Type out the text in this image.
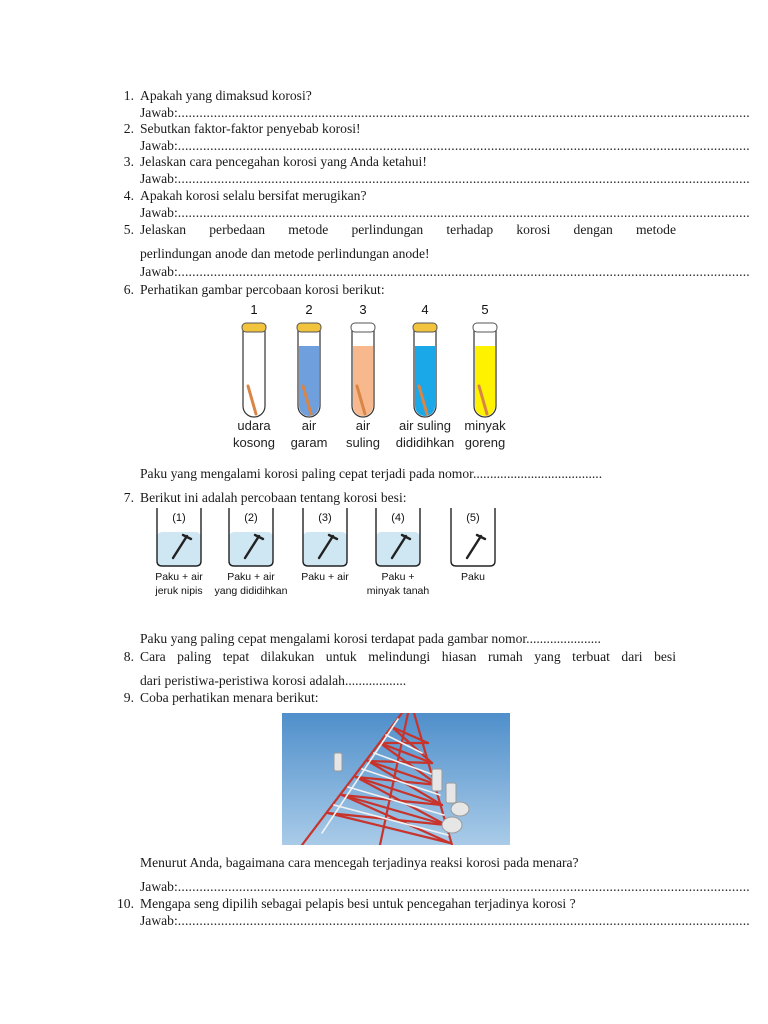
1. Apakah yang dimaksud korosi?
Jawab:...............................................................................................................................................................
2. Sebutkan faktor-faktor penyebab korosi!
Jawab:...............................................................................................................................................................
3. Jelaskan cara pencegahan korosi yang Anda ketahui!
Jawab:...............................................................................................................................................................
4. Apakah korosi selalu bersifat merugikan?
Jawab:...............................................................................................................................................................
5. Jelaskan perbedaan metode perlindungan terhadap korosi dengan metode
perlindungan anode dan metode perlindungan anode!
Jawab:...............................................................................................................................................................
6. Perhatikan gambar percobaan korosi berikut:
1
udara
kosong
2
air
garam
3
air
suling
4
air suling
dididihkan
5
minyak
goreng
Paku yang mengalami korosi paling cepat terjadi pada nomor......................................
7. Berikut ini adalah percobaan tentang korosi besi:
(1)
Paku + air
jeruk nipis
(2)
Paku + air
yang dididihkan
(3)
Paku + air
(4)
Paku +
minyak tanah
(5)
Paku
Paku yang paling cepat mengalami korosi terdapat pada gambar nomor......................
8. Cara paling tepat dilakukan untuk melindungi hiasan rumah yang terbuat dari besi
dari peristiwa-peristiwa korosi adalah..................
9. Coba perhatikan menara berikut:
Menurut Anda, bagaimana cara mencegah terjadinya reaksi korosi pada menara?
Jawab:...............................................................................................................................................................
10. Mengapa seng dipilih sebagai pelapis besi untuk pencegahan terjadinya korosi ?
Jawab:...............................................................................................................................................................
